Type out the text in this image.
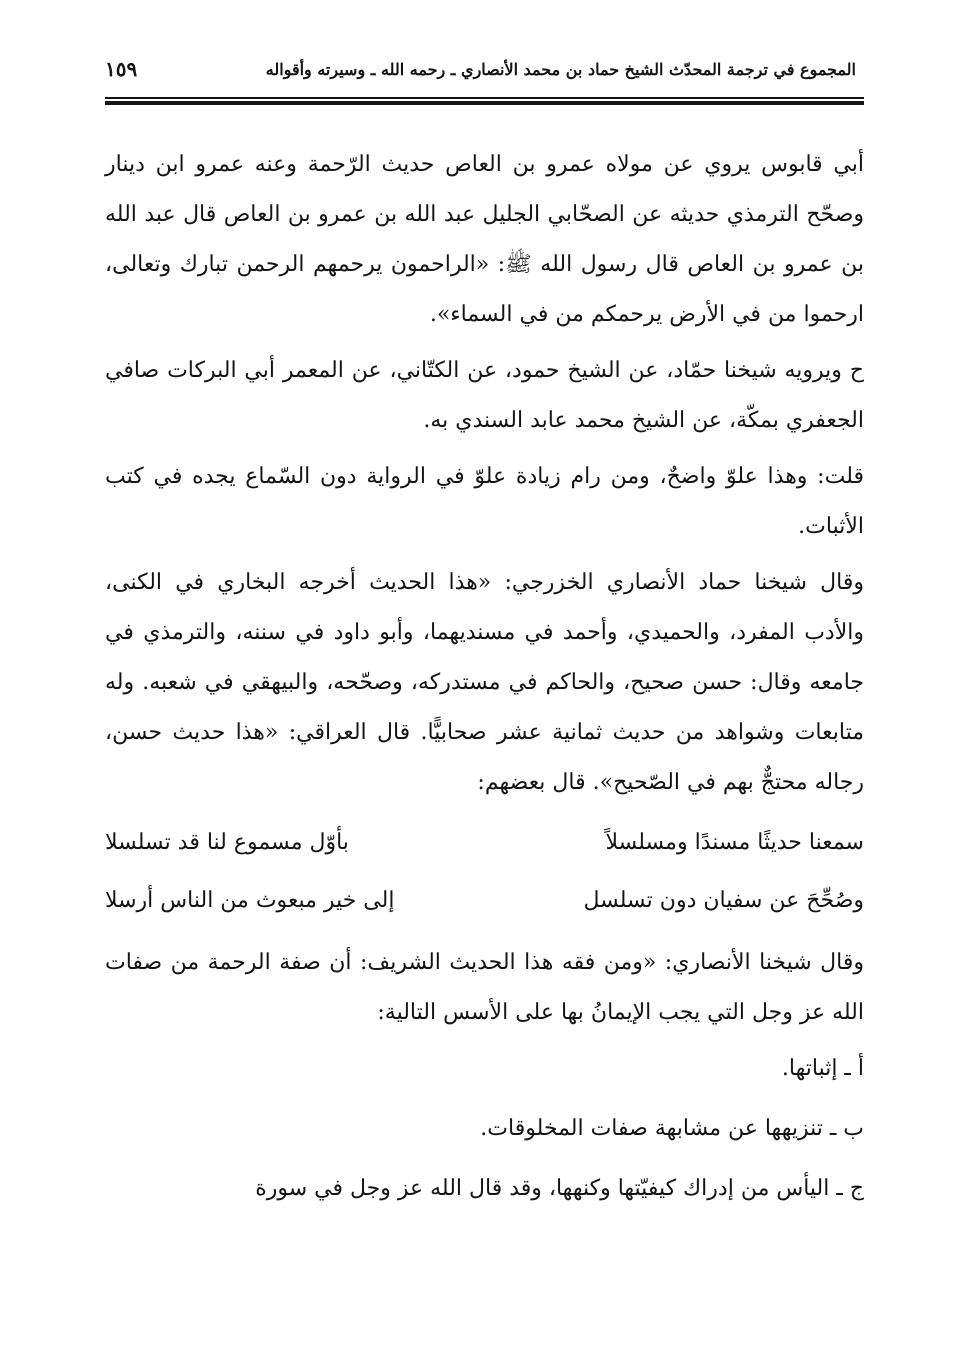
المجموع في ترجمة المحدّث الشيخ حماد بن محمد الأنصاري ـ رحمه الله ـ وسيرته وأقواله
١٥٩

أبي قابوس يروي عن مولاه عمرو بن العاص حديث الرّحمة وعنه عمرو ابن دينار وصحّح الترمذي حديثه عن الصحّابي الجليل عبد الله بن عمرو بن العاص قال عبد الله بن عمرو بن العاص قال رسول الله ﷺ: «الراحمون يرحمهم الرحمن تبارك وتعالى، ارحموا من في الأرض يرحمكم من في السماء».

ح ويرويه شيخنا حمّاد، عن الشيخ حمود، عن الكتّاني، عن المعمر أبي البركات صافي الجعفري بمكّة، عن الشيخ محمد عابد السندي به.

قلت: وهذا علوّ واضحٌ، ومن رام زيادة علوّ في الرواية دون السّماع يجده في كتب الأثبات.

وقال شيخنا حماد الأنصاري الخزرجي: «هذا الحديث أخرجه البخاري في الكنى، والأدب المفرد، والحميدي، وأحمد في مسنديهما، وأبو داود في سننه، والترمذي في جامعه وقال: حسن صحيح، والحاكم في مستدركه، وصحّحه، والبيهقي في شعبه. وله متابعات وشواهد من حديث ثمانية عشر صحابيًّا. قال العراقي: «هذا حديث حسن، رجاله محتجٌّ بهم في الصّحيح». قال بعضهم:

سمعنا حديثًا مسندًا ومسلسلاً
بأوّل مسموع لنا قد تسلسلا
وصُحِّحَ عن سفيان دون تسلسل
إلى خير مبعوث من الناس أرسلا

وقال شيخنا الأنصاري: «ومن فقه هذا الحديث الشريف: أن صفة الرحمة من صفات الله عز وجل التي يجب الإيمانُ بها على الأسس التالية:

أ ـ إثباتها.

ب ـ تنزيهها عن مشابهة صفات المخلوقات.

ج ـ اليأس من إدراك كيفيّتها وكنهها، وقد قال الله عز وجل في سورة
